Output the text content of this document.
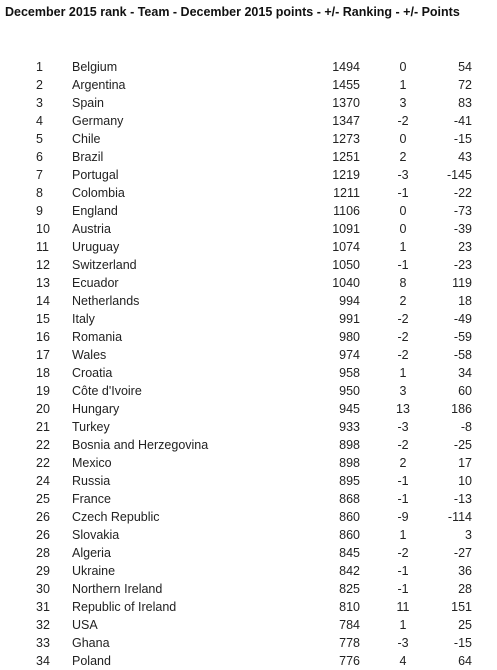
December 2015 rank - Team - December 2015 points - +/- Ranking - +/- Points
1 Belgium	1494	0	54
2 Argentina	1455	1	72
3 Spain	1370	3	83
4 Germany	1347	-2	-41
5 Chile	1273	0	-15
6 Brazil	1251	2	43
7 Portugal	1219	-3	-145
8 Colombia	1211	-1	-22
9 England	1106	0	-73
10 Austria	1091	0	-39
11 Uruguay	1074	1	23
12 Switzerland	1050	-1	-23
13 Ecuador	1040	8	119
14 Netherlands	994	2	18
15 Italy	991	-2	-49
16 Romania	980	-2	-59
17 Wales	974	-2	-58
18 Croatia	958	1	34
19 Côte d'Ivoire	950	3	60
20 Hungary	945	13	186
21 Turkey	933	-3	-8
22 Bosnia and Herzegovina	898	-2	-25
22 Mexico	898	2	17
24 Russia	895	-1	10
25 France	868	-1	-13
26 Czech Republic	860	-9	-114
26 Slovakia	860	1	3
28 Algeria	845	-2	-27
29 Ukraine	842	-1	36
30 Northern Ireland	825	-1	28
31 Republic of Ireland	810	11	151
32 USA	784	1	25
33 Ghana	778	-3	-15
34 Poland	776	4	64
